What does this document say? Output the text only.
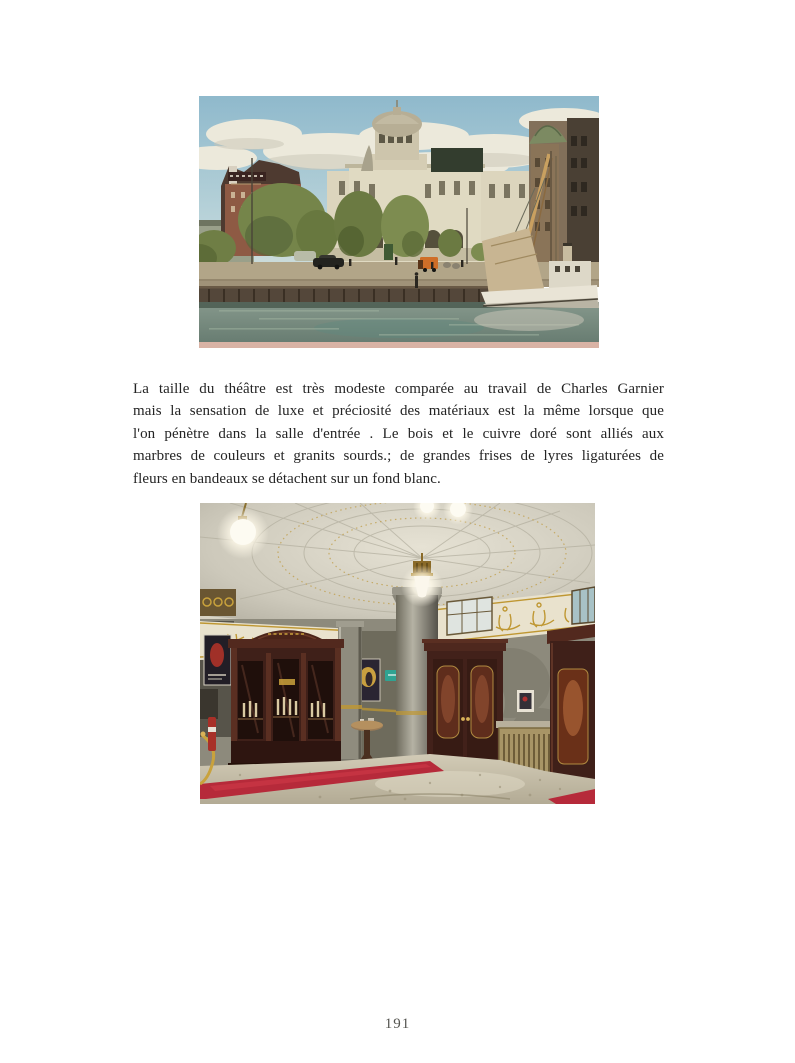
La taille du théâtre est très modeste comparée au travail de Charles Garnier
mais la sensation de luxe et préciosité des matériaux est la même lorsque que
l'on pénètre dans la salle d'entrée . Le bois et le cuivre doré sont alliés aux
marbres de couleurs et granits sourds.; de grandes frises de lyres ligaturées de
fleurs en bandeaux se détachent sur un fond blanc.
191
